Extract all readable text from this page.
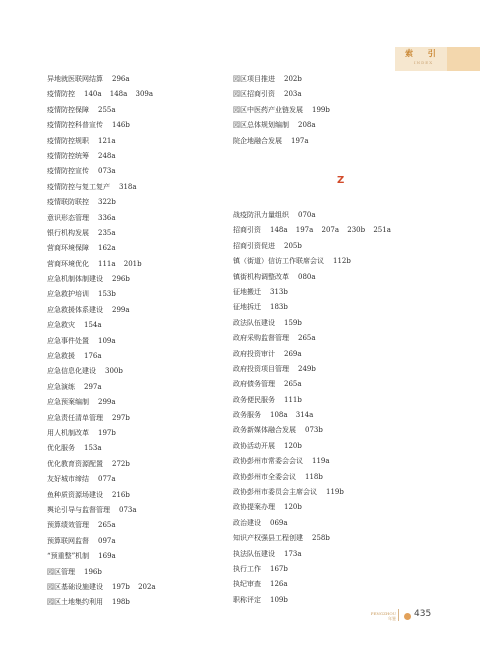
索 引
INDEX
异地就医联网结算 296a
疫情防控 140a 148a 309a
疫情防控保障 255a
疫情防控科普宣传 146b
疫情防控规职 121a
疫情防控统筹 248a
疫情防控宣传 073a
疫情防控与复工复产 318a
疫情联防联控 322b
意识形态管理 336a
银行机构发展 235a
营商环境保障 162a
营商环境优化 111a 201b
应急机制体制建设 296b
应急救护培训 153b
应急救援体系建设 299a
应急救灾 154a
应急事件处置 109a
应急救援 176a
应急信息化建设 300b
应急演练 297a
应急预案编制 299a
应急责任清单管理 297b
用人机制改革 197b
优化服务 153a
优化教育资源配置 272b
友好城市缔结 077a
鱼种质资源场建设 216b
舆论引导与监督管理 073a
预算绩效管理 265a
预算联网监督 097a
“预重整”机制 169a
园区管理 196b
园区基础设施建设 197b 202a
园区土地集约利用 198b
园区项目推进 202b
园区招商引资 203a
园区中医药产业链发展 199b
园区总体规划编制 208a
院企地融合发展 197a
Z
战疫防汛力量组织 070a
招商引资 148a 197a 207a 230b 251a
招商引资促进 205b
镇（街道）信访工作联席会议 112b
镇街机构调整改革 080a
征地搬迁 313b
征地拆迁 183b
政法队伍建设 159b
政府采购监督管理 265a
政府投资审计 269a
政府投资项目管理 249b
政府债务管理 265a
政务便民服务 111b
政务服务 108a 314a
政务新媒体融合发展 073b
政协活动开展 120b
政协彭州市常委会会议 119a
政协彭州市全委会议 118b
政协彭州市委员会主席会议 119b
政协提案办理 120b
政治建设 069a
知识产权强县工程创建 258b
执法队伍建设 173a
执行工作 167b
执纪审查 126a
职称评定 109b
PENGZHOU
年鉴 435
